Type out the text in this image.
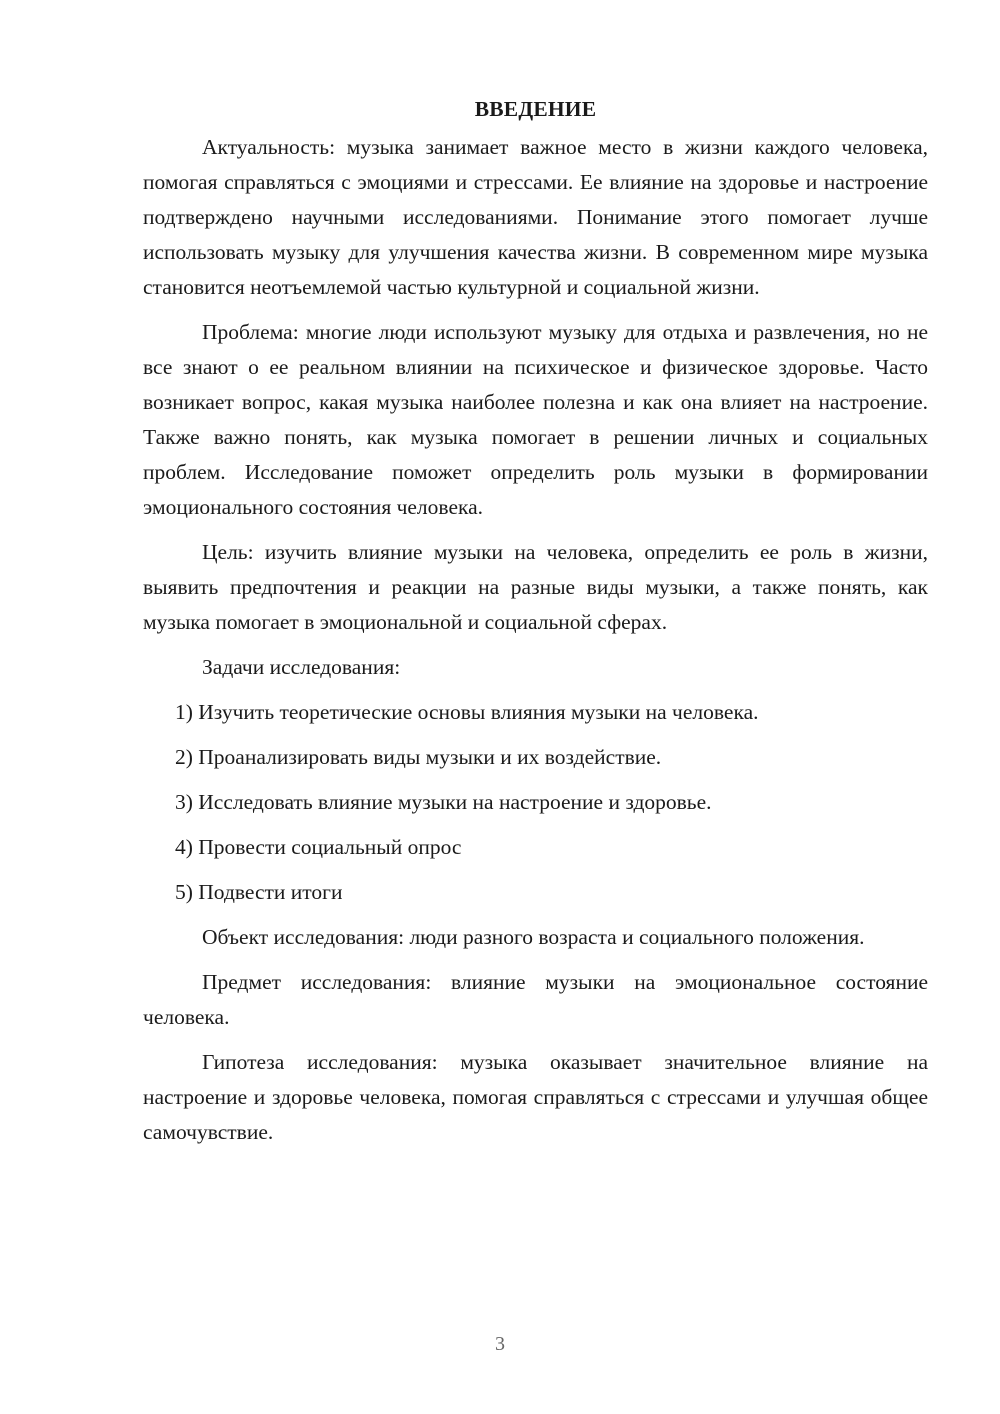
ВВЕДЕНИЕ

Актуальность: музыка занимает важное место в жизни каждого человека, помогая справляться с эмоциями и стрессами. Ее влияние на здоровье и настроение подтверждено научными исследованиями. Понимание этого помогает лучше использовать музыку для улучшения качества жизни. В современном мире музыка становится неотъемлемой частью культурной и социальной жизни.

Проблема: многие люди используют музыку для отдыха и развлечения, но не все знают о ее реальном влиянии на психическое и физическое здоровье. Часто возникает вопрос, какая музыка наиболее полезна и как она влияет на настроение. Также важно понять, как музыка помогает в решении личных и социальных проблем. Исследование поможет определить роль музыки в формировании эмоционального состояния человека.

Цель: изучить влияние музыки на человека, определить ее роль в жизни, выявить предпочтения и реакции на разные виды музыки, а также понять, как музыка помогает в эмоциональной и социальной сферах.

Задачи исследования:

1) Изучить теоретические основы влияния музыки на человека.
2) Проанализировать виды музыки и их воздействие.
3) Исследовать влияние музыки на настроение и здоровье.
4) Провести социальный опрос
5) Подвести итоги

Объект исследования: люди разного возраста и социального положения.

Предмет исследования: влияние музыки на эмоциональное состояние человека.

Гипотеза исследования: музыка оказывает значительное влияние на настроение и здоровье человека, помогая справляться с стрессами и улучшая общее самочувствие.

3
